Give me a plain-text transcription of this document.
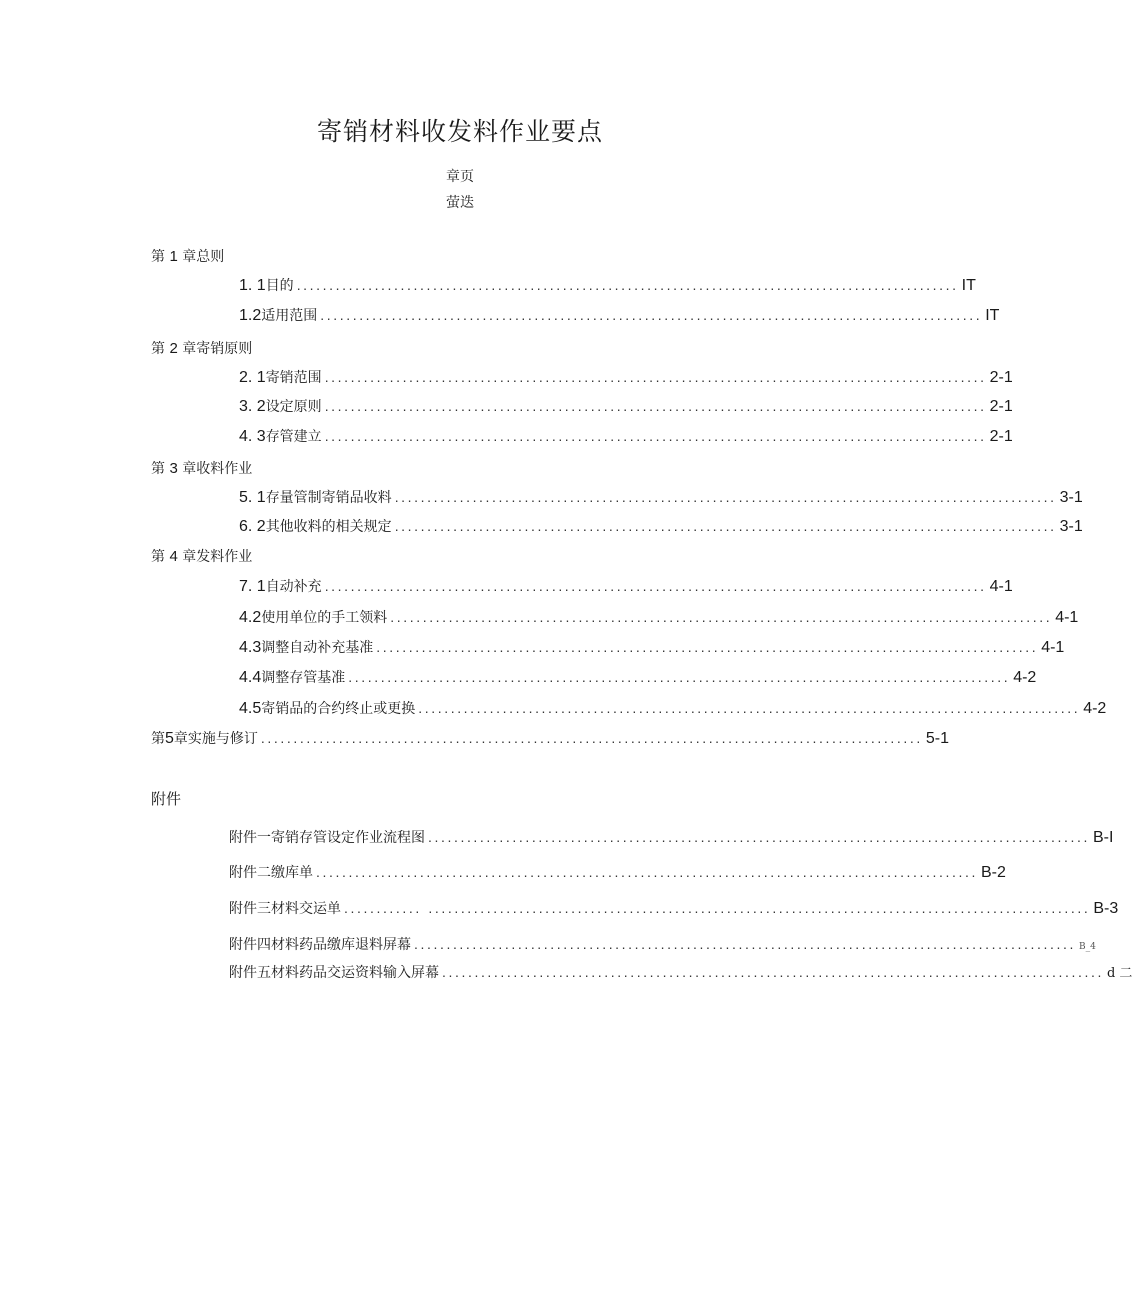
寄销材料收发料作业要点
章页
萤迭
第 1 章总则
1. 1 目的 ...................................................................................................... IT
1.2 适用范围 ...................................................................................................... IT
第 2 章寄销原则
2. 1 寄销范围 ...................................................................................................... 2-1
3. 2 设定原则 ...................................................................................................... 2-1
4. 3 存管建立 ...................................................................................................... 2-1
第 3 章收料作业
5. 1 存量管制寄销品收料 ...................................................................................................... 3-1
6. 2 其他收料的相关规定 ...................................................................................................... 3-1
第 4 章发料作业
7. 1 自动补充 ...................................................................................................... 4-1
4.2 使用单位的手工领料 ...................................................................................................... 4-1
4.3 调整自动补充基准 ...................................................................................................... 4-1
4.4 调整存管基准 ...................................................................................................... 4-2
4.5 寄销品的合约终止或更换 ...................................................................................................... 4-2
第 5 章实施与修订 ...................................................................................................... 5-1
附件
附件一寄销存管设定作业流程图 ...................................................................................................... B-I
附件二缴库单 ...................................................................................................... B-2
附件三材料交运单 ............ ...................................................................................................... B-3
附件四材料药品缴库退料屏幕 ...................................................................................................... B_4
附件五材料药品交运资料输入屏幕 ...................................................................................................... d 二
